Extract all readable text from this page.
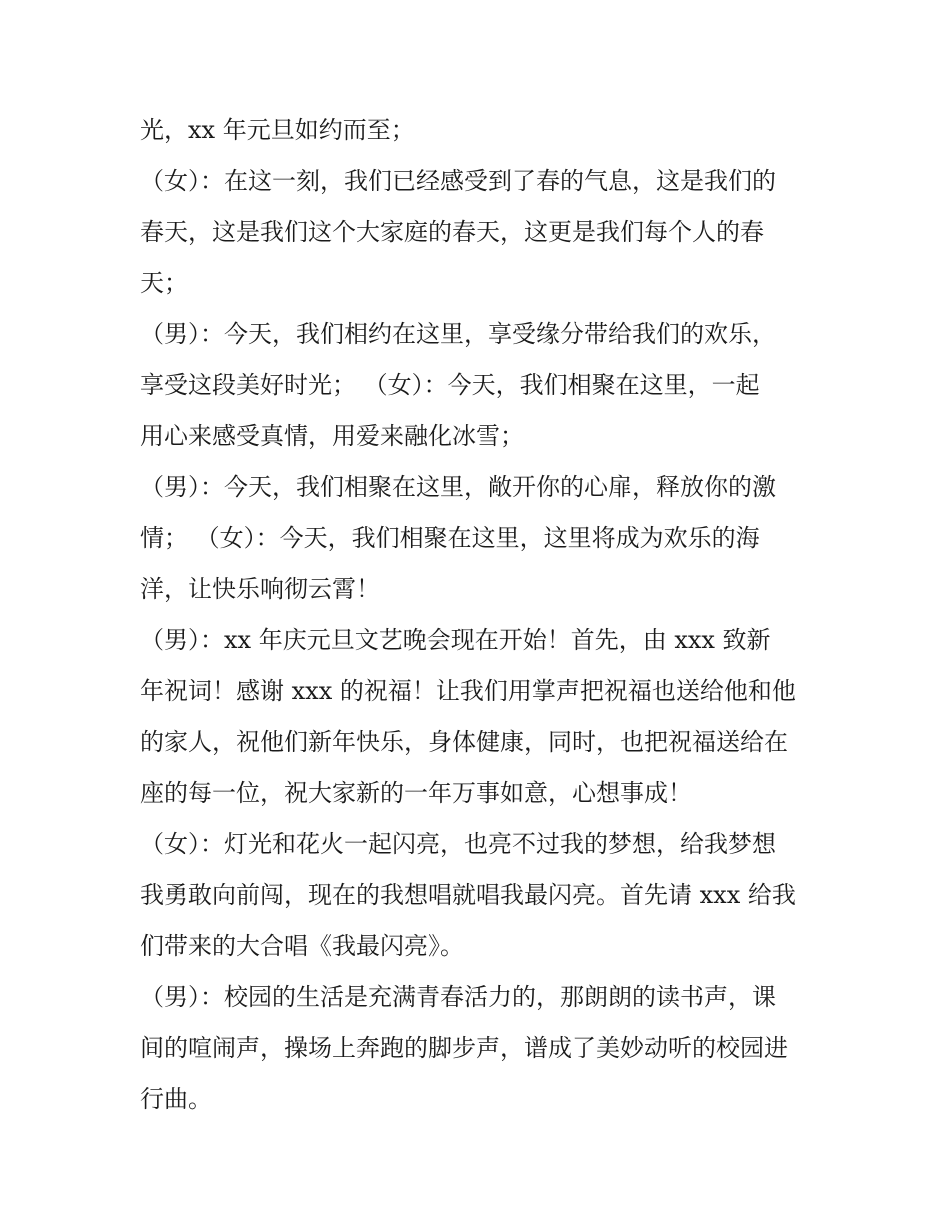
光，xx 年元旦如约而至；
（女）：在这一刻，我们已经感受到了春的气息，这是我们的
春天，这是我们这个大家庭的春天，这更是我们每个人的春
天；
（男）：今天，我们相约在这里，享受缘分带给我们的欢乐，
享受这段美好时光； （女）：今天，我们相聚在这里，一起
用心来感受真情，用爱来融化冰雪；
（男）：今天，我们相聚在这里，敞开你的心扉，释放你的激
情； （女）：今天，我们相聚在这里，这里将成为欢乐的海
洋，让快乐响彻云霄！
（男）：xx 年庆元旦文艺晚会现在开始！首先，由 xxx 致新
年祝词！感谢 xxx 的祝福！让我们用掌声把祝福也送给他和他
的家人，祝他们新年快乐，身体健康，同时，也把祝福送给在
座的每一位，祝大家新的一年万事如意，心想事成！
（女）：灯光和花火一起闪亮，也亮不过我的梦想，给我梦想
我勇敢向前闯，现在的我想唱就唱我最闪亮。首先请 xxx 给我
们带来的大合唱《我最闪亮》。
（男）：校园的生活是充满青春活力的，那朗朗的读书声，课
间的喧闹声，操场上奔跑的脚步声，谱成了美妙动听的校园进
行曲。
